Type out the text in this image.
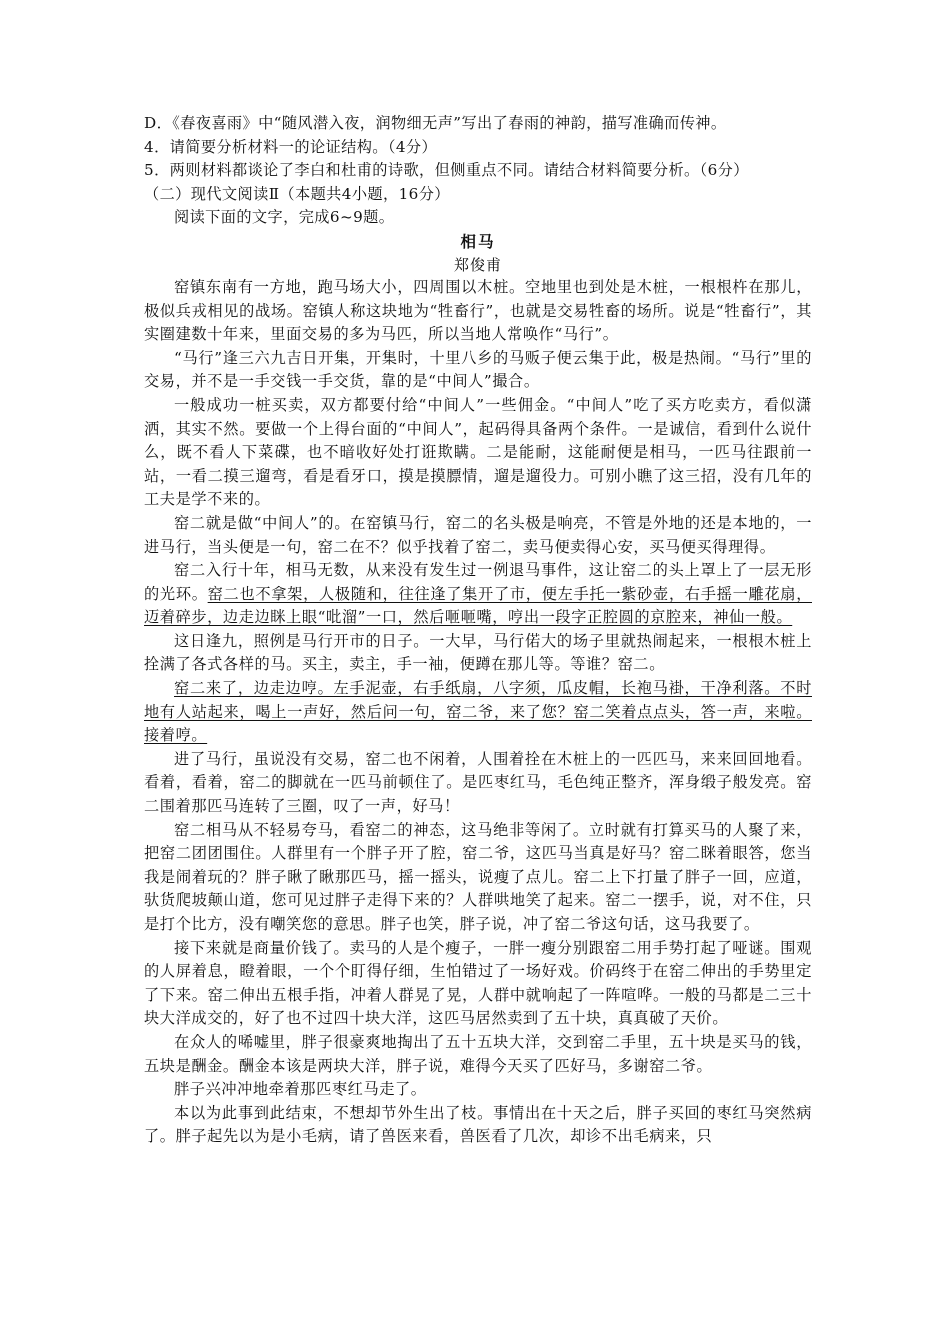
D．《春夜喜雨》中“随风潜入夜，润物细无声”写出了春雨的神韵，描写准确而传神。
4．请简要分析材料一的论证结构。（4分）
5．两则材料都谈论了李白和杜甫的诗歌，但侧重点不同。请结合材料简要分析。（6分）
（二）现代文阅读Ⅱ（本题共4小题，16分）
阅读下面的文字，完成6~9题。
相马
郑俊甫

窑镇东南有一方地，跑马场大小，四周围以木桩。空地里也到处是木桩，一根根杵在那儿，极似兵戎相见的战场。窑镇人称这块地为“牲畜行”，也就是交易牲畜的场所。说是“牲畜行”，其实圈建数十年来，里面交易的多为马匹，所以当地人常唤作“马行”。

“马行”逢三六九吉日开集，开集时，十里八乡的马贩子便云集于此，极是热闹。“马行”里的交易，并不是一手交钱一手交货，靠的是“中间人”撮合。

一般成功一桩买卖，双方都要付给“中间人”一些佣金。“中间人”吃了买方吃卖方，看似潇洒，其实不然。要做一个上得台面的“中间人”，起码得具备两个条件。一是诚信，看到什么说什么，既不看人下菜碟，也不暗收好处打诳欺瞒。二是能耐，这能耐便是相马，一匹马往跟前一站，一看二摸三遛弯，看是看牙口，摸是摸膘情，遛是遛役力。可别小瞧了这三招，没有几年的工夫是学不来的。

窑二就是做“中间人”的。在窑镇马行，窑二的名头极是响亮，不管是外地的还是本地的，一进马行，当头便是一句，窑二在不？似乎找着了窑二，卖马便卖得心安，买马便买得理得。

窑二入行十年，相马无数，从来没有发生过一例退马事件，这让窑二的头上罩上了一层无形的光环。窑二也不拿架，人极随和，往往逢了集开了市，便左手托一紫砂壶，右手摇一雕花扇，迈着碎步，边走边眯上眼“吡溜”一口，然后咂咂嘴，哼出一段字正腔圆的京腔来，神仙一般。

这日逢九，照例是马行开市的日子。一大早，马行偌大的场子里就热闹起来，一根根木桩上拴满了各式各样的马。买主，卖主，手一袖，便蹲在那儿等。等谁？窑二。

窑二来了，边走边哼。左手泥壶，右手纸扇，八字须，瓜皮帽，长袍马褂，干净利落。不时地有人站起来，喝上一声好，然后问一句，窑二爷，来了您？窑二笑着点点头，答一声，来啦。接着哼。

进了马行，虽说没有交易，窑二也不闲着，人围着拴在木桩上的一匹匹马，来来回回地看。看着，看着，窑二的脚就在一匹马前顿住了。是匹枣红马，毛色纯正整齐，浑身缎子般发亮。窑二围着那匹马连转了三圈，叹了一声，好马！

窑二相马从不轻易夸马，看窑二的神态，这马绝非等闲了。立时就有打算买马的人聚了来，把窑二团团围住。人群里有一个胖子开了腔，窑二爷，这匹马当真是好马？窑二眯着眼答，您当我是闹着玩的？胖子瞅了瞅那匹马，摇一摇头，说瘦了点儿。窑二上下打量了胖子一回，应道，驮货爬坡颠山道，您可见过胖子走得下来的？人群哄地笑了起来。窑二一摆手，说，对不住，只是打个比方，没有嘲笑您的意思。胖子也笑，胖子说，冲了窑二爷这句话，这马我要了。

接下来就是商量价钱了。卖马的人是个瘦子，一胖一瘦分别跟窑二用手势打起了哑谜。围观的人屏着息，瞪着眼，一个个盯得仔细，生怕错过了一场好戏。价码终于在窑二伸出的手势里定了下来。窑二伸出五根手指，冲着人群晃了晃，人群中就响起了一阵喧哗。一般的马都是二三十块大洋成交的，好了也不过四十块大洋，这匹马居然卖到了五十块，真真破了天价。

在众人的唏嘘里，胖子很豪爽地掏出了五十五块大洋，交到窑二手里，五十块是买马的钱，五块是酬金。酬金本该是两块大洋，胖子说，难得今天买了匹好马，多谢窑二爷。

胖子兴冲冲地牵着那匹枣红马走了。

本以为此事到此结束，不想却节外生出了枝。事情出在十天之后，胖子买回的枣红马突然病了。胖子起先以为是小毛病，请了兽医来看，兽医看了几次，却诊不出毛病来，只
